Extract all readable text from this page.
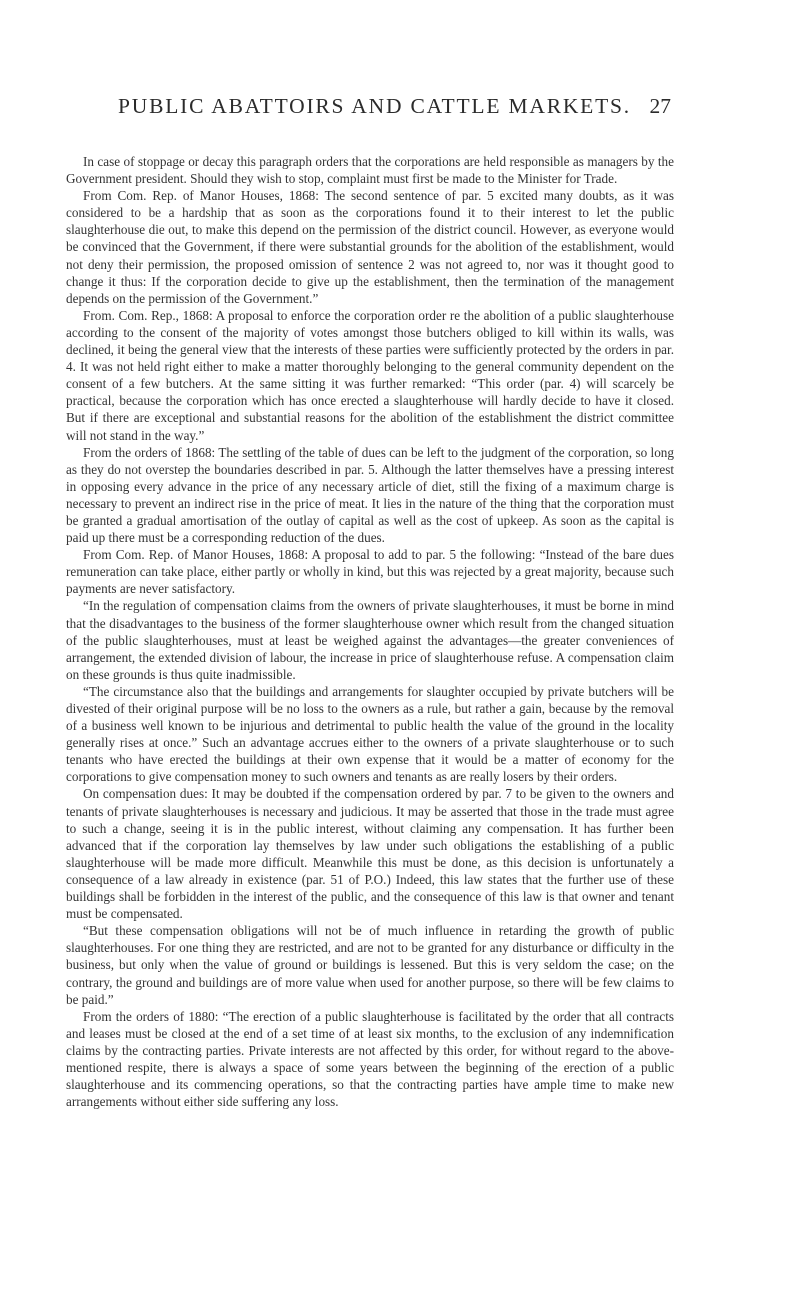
PUBLIC ABATTOIRS AND CATTLE MARKETS. 27

In case of stoppage or decay this paragraph orders that the corporations are held responsible as managers by the Government president. Should they wish to stop, complaint must first be made to the Minister for Trade.

From Com. Rep. of Manor Houses, 1868: The second sentence of par. 5 excited many doubts, as it was considered to be a hardship that as soon as the corporations found it to their interest to let the public slaughterhouse die out, to make this depend on the permission of the district council. However, as everyone would be convinced that the Government, if there were substantial grounds for the abolition of the establishment, would not deny their permission, the proposed omission of sentence 2 was not agreed to, nor was it thought good to change it thus: If the corporation decide to give up the establishment, then the termination of the management depends on the permission of the Government.”

From. Com. Rep., 1868: A proposal to enforce the corporation order re the abolition of a public slaughterhouse according to the consent of the majority of votes amongst those butchers obliged to kill within its walls, was declined, it being the general view that the interests of these parties were sufficiently protected by the orders in par. 4. It was not held right either to make a matter thoroughly belonging to the general community dependent on the consent of a few butchers. At the same sitting it was further remarked: “This order (par. 4) will scarcely be practical, because the corporation which has once erected a slaughterhouse will hardly decide to have it closed. But if there are exceptional and substantial reasons for the abolition of the establishment the district committee will not stand in the way.”

From the orders of 1868: The settling of the table of dues can be left to the judgment of the corporation, so long as they do not overstep the boundaries described in par. 5. Although the latter themselves have a pressing interest in opposing every advance in the price of any necessary article of diet, still the fixing of a maximum charge is necessary to prevent an indirect rise in the price of meat. It lies in the nature of the thing that the corporation must be granted a gradual amortisation of the outlay of capital as well as the cost of upkeep. As soon as the capital is paid up there must be a corresponding reduction of the dues.

From Com. Rep. of Manor Houses, 1868: A proposal to add to par. 5 the following: “Instead of the bare dues remuneration can take place, either partly or wholly in kind, but this was rejected by a great majority, because such payments are never satisfactory.

“In the regulation of compensation claims from the owners of private slaughterhouses, it must be borne in mind that the disadvantages to the business of the former slaughterhouse owner which result from the changed situation of the public slaughterhouses, must at least be weighed against the advantages—the greater conveniences of arrangement, the extended division of labour, the increase in price of slaughterhouse refuse. A compensation claim on these grounds is thus quite inadmissible.

“The circumstance also that the buildings and arrangements for slaughter occupied by private butchers will be divested of their original purpose will be no loss to the owners as a rule, but rather a gain, because by the removal of a business well known to be injurious and detrimental to public health the value of the ground in the locality generally rises at once.” Such an advantage accrues either to the owners of a private slaughterhouse or to such tenants who have erected the buildings at their own expense that it would be a matter of economy for the corporations to give compensation money to such owners and tenants as are really losers by their orders.

On compensation dues: It may be doubted if the compensation ordered by par. 7 to be given to the owners and tenants of private slaughterhouses is necessary and judicious. It may be asserted that those in the trade must agree to such a change, seeing it is in the public interest, without claiming any compensation. It has further been advanced that if the corporation lay themselves by law under such obligations the establishing of a public slaughterhouse will be made more difficult. Meanwhile this must be done, as this decision is unfortunately a consequence of a law already in existence (par. 51 of P.O.) Indeed, this law states that the further use of these buildings shall be forbidden in the interest of the public, and the consequence of this law is that owner and tenant must be compensated.

“But these compensation obligations will not be of much influence in retarding the growth of public slaughterhouses. For one thing they are restricted, and are not to be granted for any disturbance or difficulty in the business, but only when the value of ground or buildings is lessened. But this is very seldom the case; on the contrary, the ground and buildings are of more value when used for another purpose, so there will be few claims to be paid.”

From the orders of 1880: “The erection of a public slaughterhouse is facilitated by the order that all contracts and leases must be closed at the end of a set time of at least six months, to the exclusion of any indemnification claims by the contracting parties. Private interests are not affected by this order, for without regard to the above-mentioned respite, there is always a space of some years between the beginning of the erection of a public slaughterhouse and its commencing operations, so that the contracting parties have ample time to make new arrangements without either side suffering any loss.
